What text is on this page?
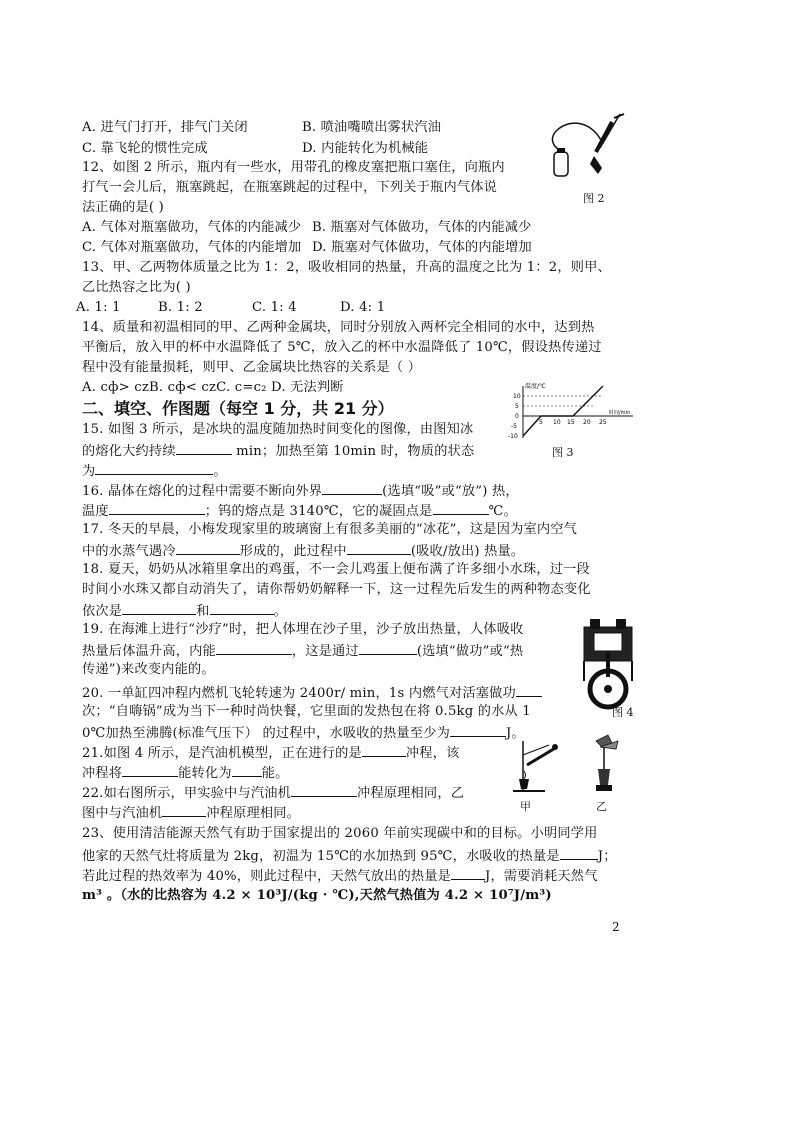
A. 进气门打开，排气门关闭	B. 喷油嘴喷出雾状汽油
C. 靠飞轮的惯性完成	D. 内能转化为机械能
图 2
12、如图 2 所示，瓶内有一些水，用带孔的橡皮塞把瓶口塞住，向瓶内
打气一会儿后，瓶塞跳起，在瓶塞跳起的过程中，下列关于瓶内气体说
法正确的是( )
A. 气体对瓶塞做功，气体的内能减少 B. 瓶塞对气体做功，气体的内能减少
C. 气体对瓶塞做功，气体的内能增加 D. 瓶塞对气体做功，气体的内能增加
13、甲、乙两物体质量之比为 1：2，吸收相同的热量，升高的温度之比为 1：2，则甲、
乙比热容之比为( )
A. 1: 1	B. 1: 2	C. 1: 4	D. 4: 1
14、质量和初温相同的甲、乙两种金属块，同时分别放入两杯完全相同的水中，达到热
平衡后，放入甲的杯中水温降低了 5℃，放入乙的杯中水温降低了 10℃，假设热传递过
程中没有能量损耗，则甲、乙金属块比热容的关系是（ ）
A. cф> czB. cф< czC. c=c₂ D. 无法判断
二、填空、作图题（每空 1 分，共 21 分）
温度/℃
时间/min
10
5
0
-5
-10
5 10 15 20 25
图 3
15. 如图 3 所示，是冰块的温度随加热时间变化的图像，由图知冰
的熔化大约持续	min；加热至第 10min 时，物质的状态
为	。
16. 晶体在熔化的过程中需要不断向外界	(选填“吸”或“放”) 热，
温度	；钨的熔点是 3140℃，它的凝固点是	℃。
17. 冬天的早晨，小梅发现家里的玻璃窗上有很多美丽的“冰花”，这是因为室内空气
中的水蒸气遇冷	形成的，此过程中	(吸收/放出) 热量。
18. 夏天，奶奶从冰箱里拿出的鸡蛋，不一会儿鸡蛋上便布满了许多细小水珠，过一段
时间小水珠又都自动消失了，请你帮奶奶解释一下，这一过程先后发生的两种物态变化
依次是	和	。
图 4
19. 在海滩上进行“沙疗”时，把人体埋在沙子里，沙子放出热量，人体吸收
热量后体温升高，内能	，这是通过	(选填“做功”或“热
传递”)来改变内能的。
20. 一单缸四冲程内燃机飞轮转速为 2400r/ min，1s 内燃气对活塞做功
次；“自嗨锅”成为当下一种时尚快餐，它里面的发热包在将 0.5kg 的水从 1
0℃加热至沸腾(标准气压下） 的过程中，水吸收的热量至少为	J。
21.如图 4 所示，是汽油机模型，正在进行的是	冲程，该
冲程将	能转化为 能。
甲	乙
22.如右图所示，甲实验中与汽油机	冲程原理相同，乙
图中与汽油机	冲程原理相同。
23、使用清洁能源天然气有助于国家提出的 2060 年前实现碳中和的目标。小明同学用
他家的天然气灶将质量为 2kg，初温为 15℃的水加热到 95℃，水吸收的热量是	J；
若此过程的热效率为 40%，则此过程中，天然气放出的热量是	J，需要消耗天然气
m³ 。（水的比热容为 4.2 × 10³J/(kg · ℃),天然气热值为 4.2 × 10⁷J/m³)
2
